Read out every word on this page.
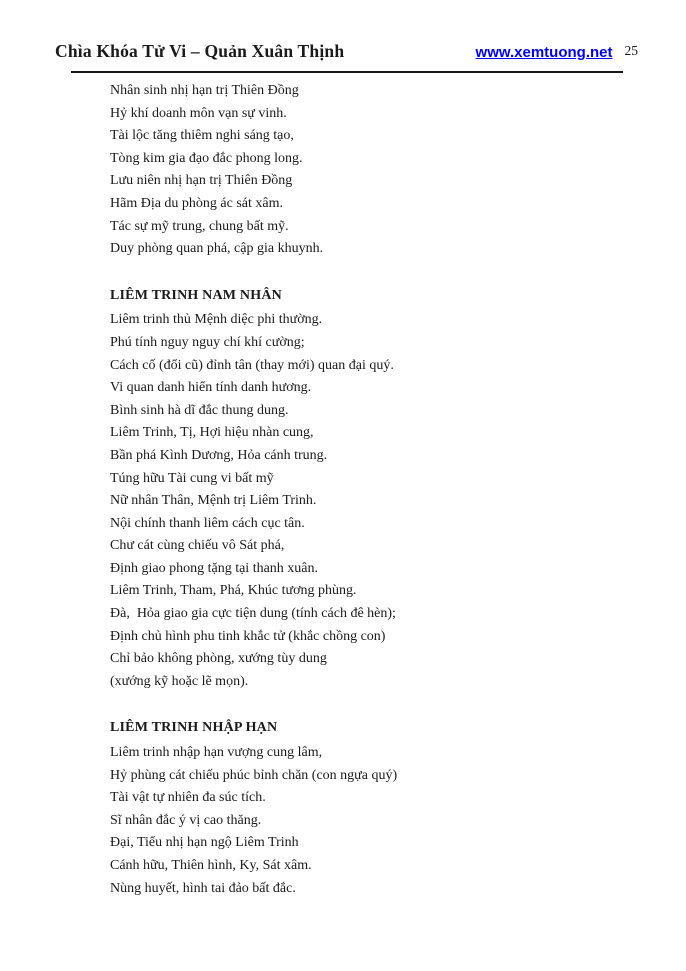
Chìa Khóa Tử Vi – Quản Xuân Thịnh	www.xemtuong.net 25
Nhân sinh nhị hạn trị Thiên Đồng
Hỷ khí doanh môn vạn sự vinh.
Tài lộc tăng thiêm nghi sáng tạo,
Tòng kim gia đạo đắc phong long.
Lưu niên nhị hạn trị Thiên Đồng
Hãm Địa du phòng ác sát xâm.
Tác sự mỹ trung, chung bất mỹ.
Duy phòng quan phá, cập gia khuynh.
LIÊM TRINH NAM NHÂN
Liêm trinh thủ Mệnh diệc phi thường.
Phú tính nguy nguy chí khí cường;
Cách cố (đổi cũ) đỉnh tân (thay mới) quan đại quý.
Vi quan danh hiển tính danh hương.
Bình sinh hà dĩ đắc thung dung.
Liêm Trinh, Tị, Hợi hiệu nhàn cung,
Bần phá Kình Dương, Hỏa cánh trung.
Túng hữu Tài cung vi bất mỹ
Nữ nhân Thân, Mệnh trị Liêm Trinh.
Nội chính thanh liêm cách cục tân.
Chư cát cùng chiếu vô Sát phá,
Định giao phong tặng tại thanh xuân.
Liêm Trinh, Tham, Phá, Khúc tương phùng.
Đà,  Hỏa giao gia cực tiện dung (tính cách đê hèn);
Định chủ hình phu tinh khắc tử (khắc chồng con)
Chỉ bảo không phòng, xướng tùy dung
(xướng kỹ hoặc lẽ mọn).
LIÊM TRINH NHẬP HẠN
Liêm trinh nhập hạn vượng cung lâm,
Hỷ phùng cát chiếu phúc bỉnh chăn (con ngựa quý)
Tài vật tự nhiên đa súc tích.
Sĩ nhân đắc ý vị cao thăng.
Đại, Tiểu nhị hạn ngộ Liêm Trinh
Cánh hữu, Thiên hình, Ky, Sát xâm.
Nùng huyết, hình tai đảo bất đắc.
